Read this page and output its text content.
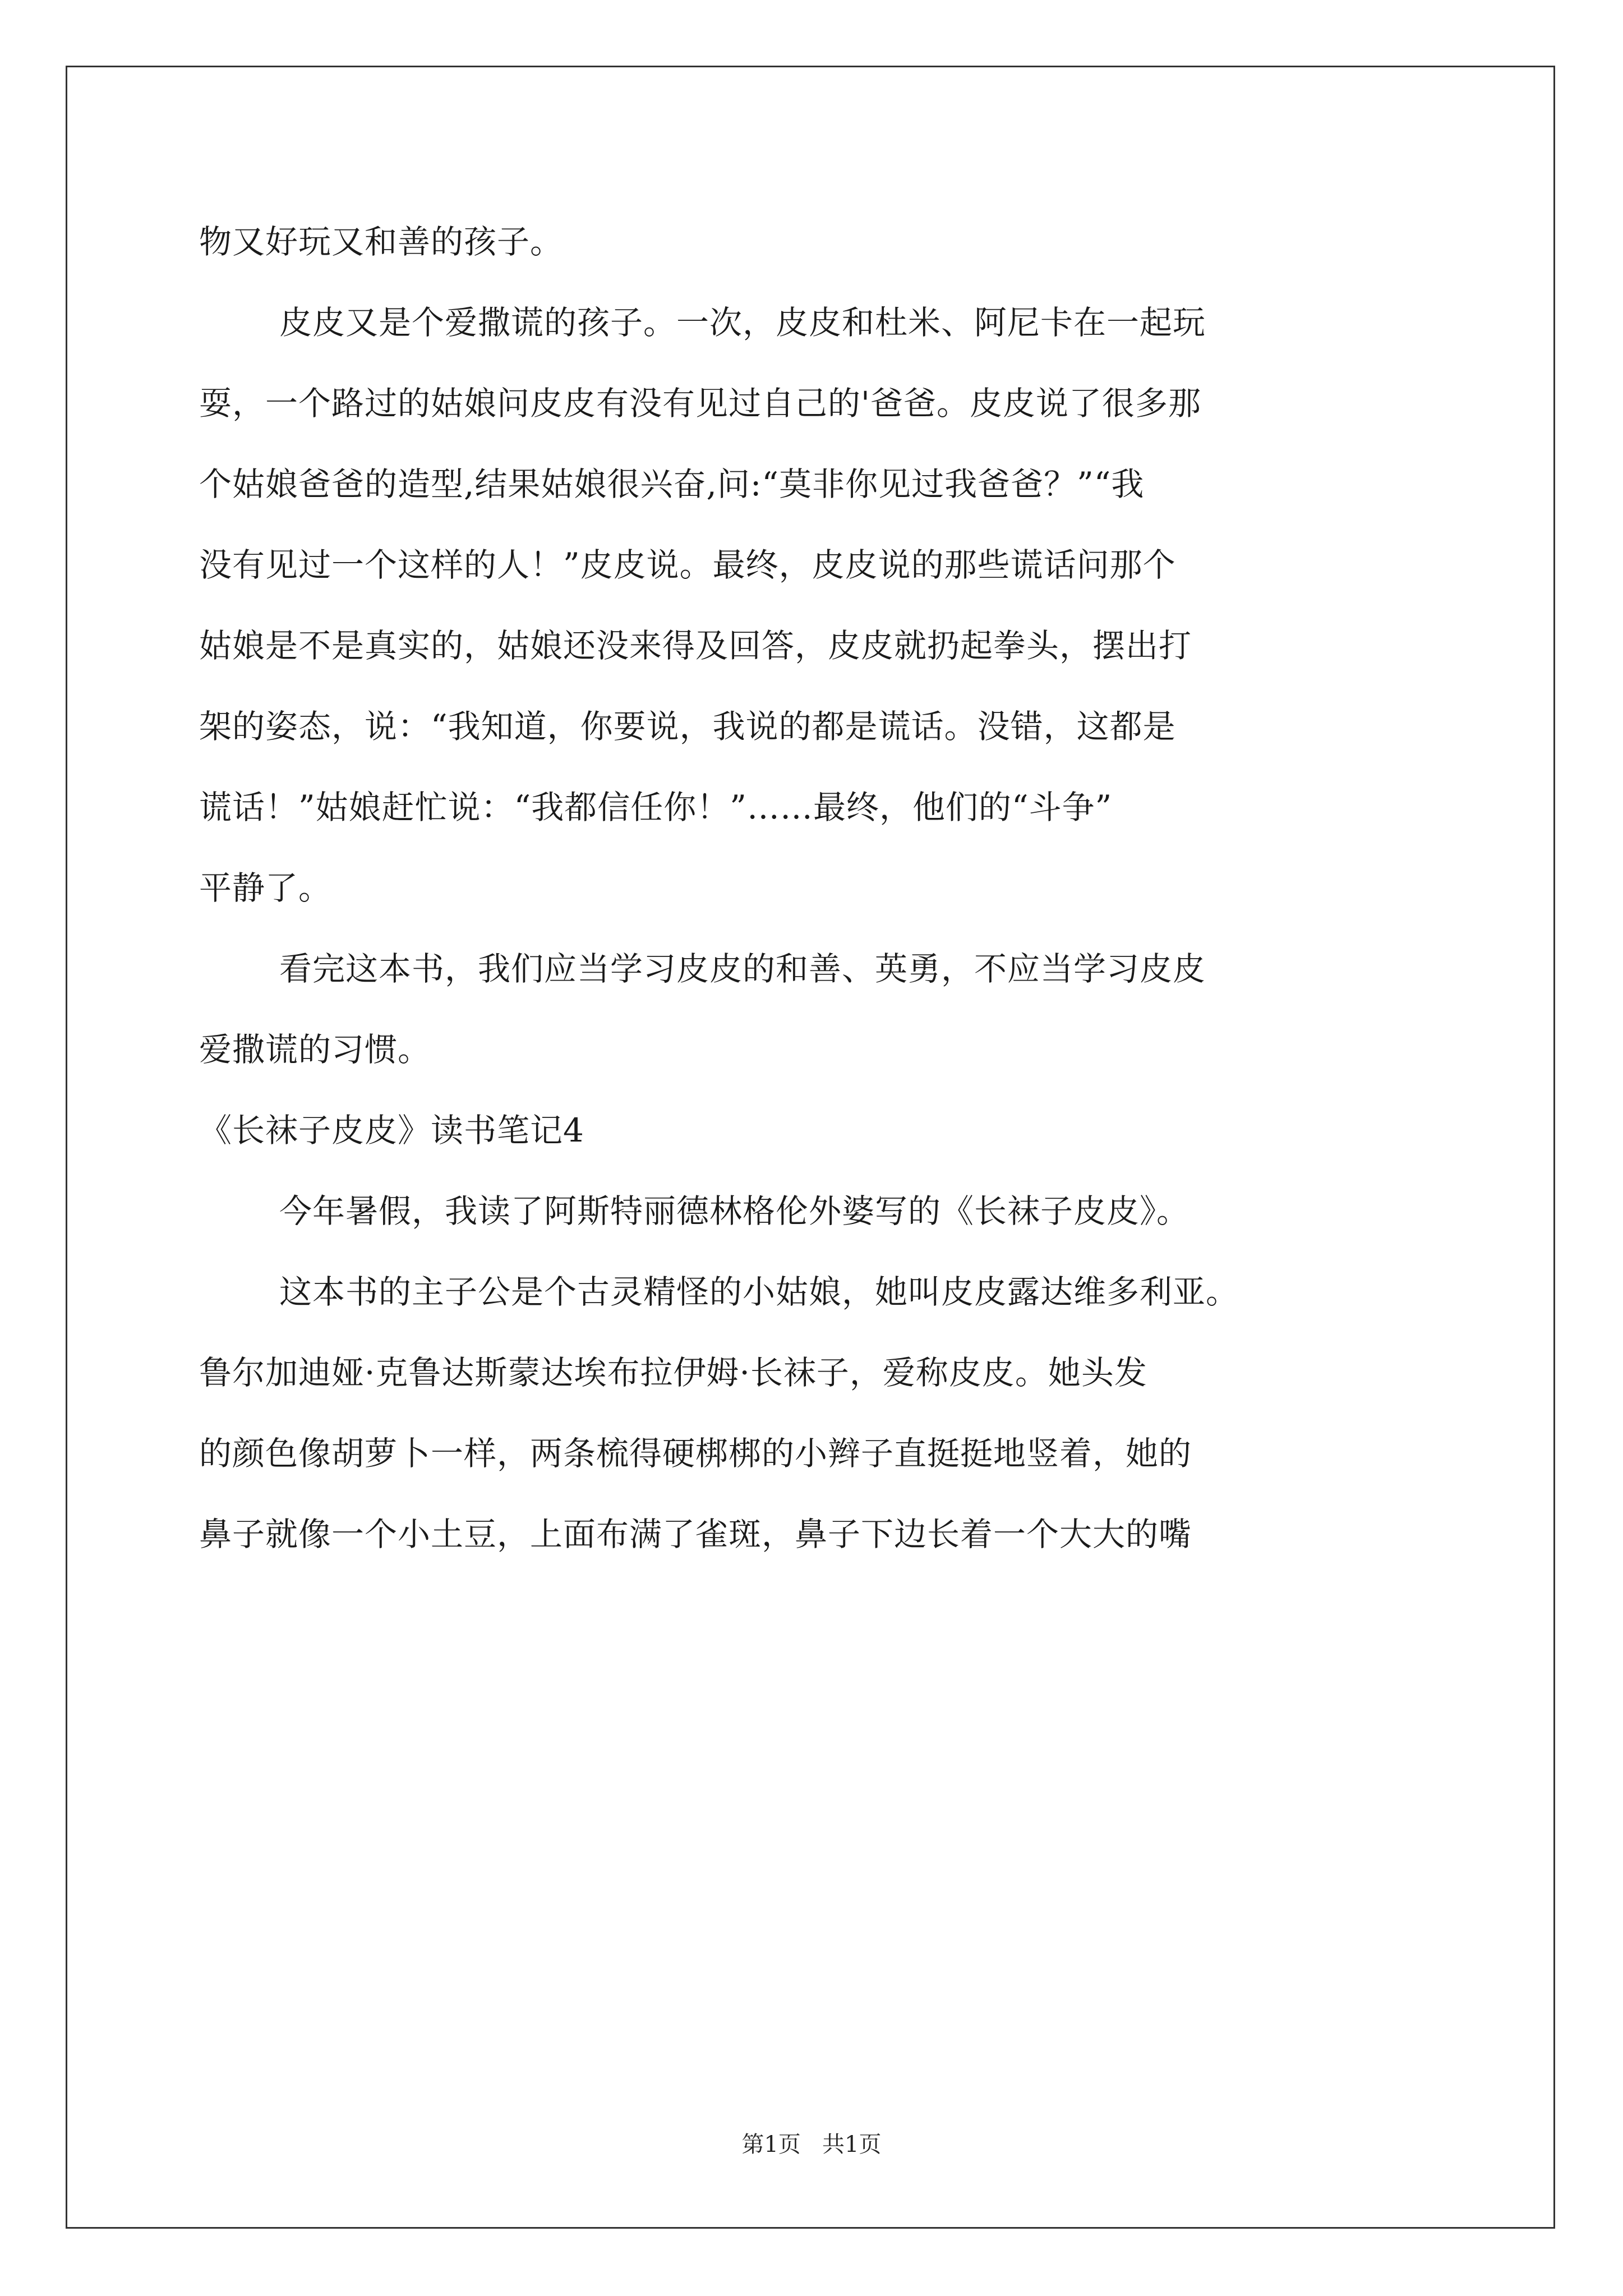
物又好玩又和善的孩子。
皮皮又是个爱撒谎的孩子。一次，皮皮和杜米、阿尼卡在一起玩
耍，一个路过的姑娘问皮皮有没有见过自己的'爸爸。皮皮说了很多那
个姑娘爸爸的造型,结果姑娘很兴奋,问:“莫非你见过我爸爸？”“我
没有见过一个这样的人！”皮皮说。最终，皮皮说的那些谎话问那个
姑娘是不是真实的，姑娘还没来得及回答，皮皮就扔起拳头，摆出打
架的姿态，说：“我知道，你要说，我说的都是谎话。没错，这都是
谎话！”姑娘赶忙说：“我都信任你！”……最终，他们的“斗争”
平静了。
看完这本书，我们应当学习皮皮的和善、英勇，不应当学习皮皮
爱撒谎的习惯。
《长袜子皮皮》读书笔记4
今年暑假，我读了阿斯特丽德林格伦外婆写的《长袜子皮皮》。
这本书的主子公是个古灵精怪的小姑娘，她叫皮皮露达维多利亚。
鲁尔加迪娅·克鲁达斯蒙达埃布拉伊姆·长袜子，爱称皮皮。她头发
的颜色像胡萝卜一样，两条梳得硬梆梆的小辫子直挺挺地竖着，她的
鼻子就像一个小土豆，上面布满了雀斑，鼻子下边长着一个大大的嘴
第1页   共1页
